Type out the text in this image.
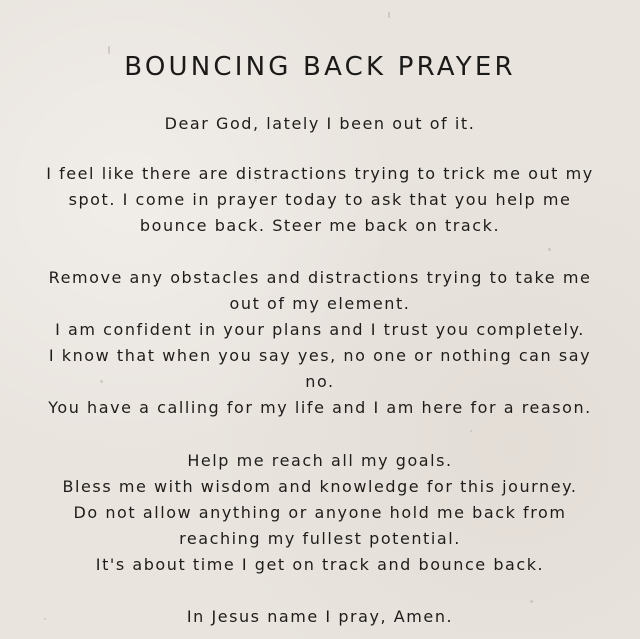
BOUNCING BACK PRAYER
Dear God, lately I been out of it.
I feel like there are distractions trying to trick me out my
spot. I come in prayer today to ask that you help me
bounce back. Steer me back on track.
Remove any obstacles and distractions trying to take me
out of my element.
I am confident in your plans and I trust you completely.
I know that when you say yes, no one or nothing can say
no.
You have a calling for my life and I am here for a reason.
Help me reach all my goals.
Bless me with wisdom and knowledge for this journey.
Do not allow anything or anyone hold me back from
reaching my fullest potential.
It's about time I get on track and bounce back.
In Jesus name I pray, Amen.
